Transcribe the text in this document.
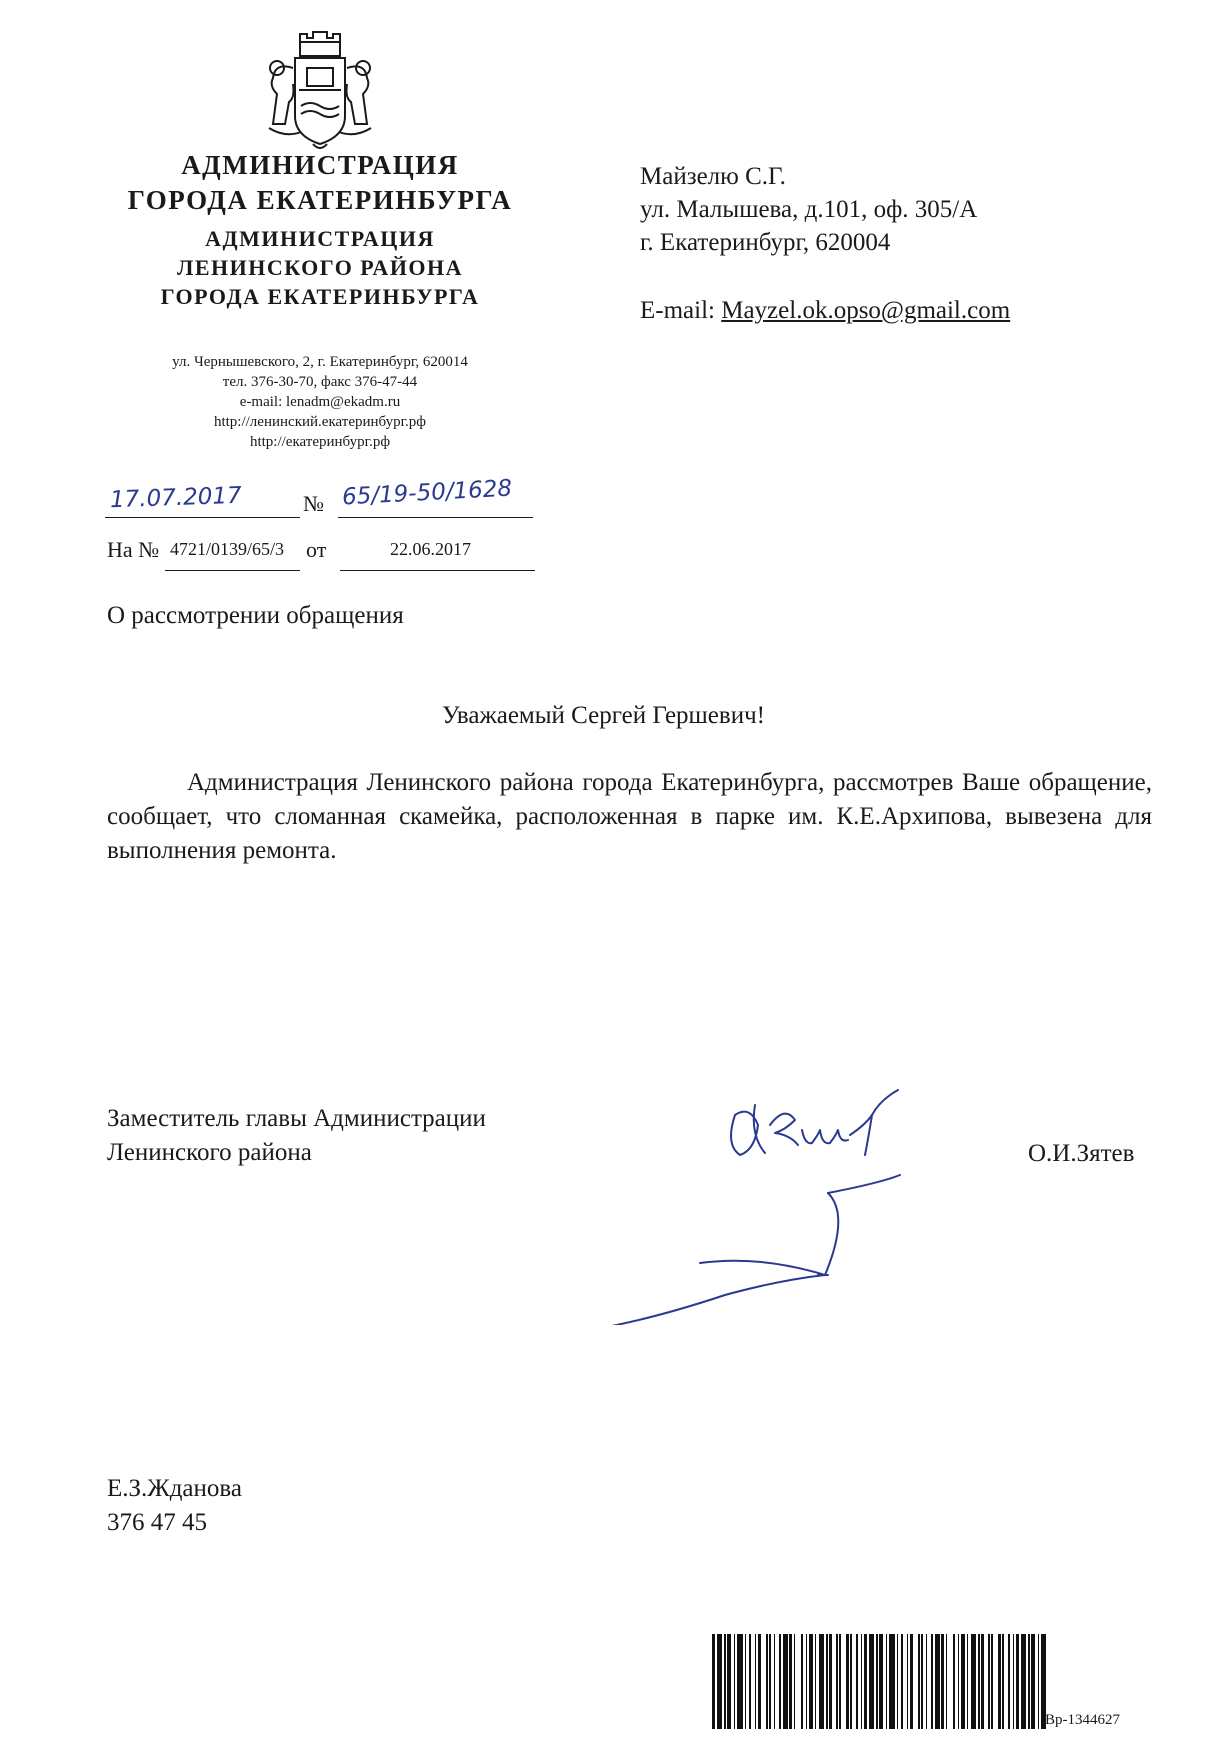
АДМИНИСТРАЦИЯ
ГОРОДА ЕКАТЕРИНБУРГА
АДМИНИСТРАЦИЯ
ЛЕНИНСКОГО РАЙОНА
ГОРОДА ЕКАТЕРИНБУРГА
ул. Чернышевского, 2, г. Екатеринбург, 620014
тел. 376-30-70, факс 376-47-44
e-mail: lenadm@ekadm.ru
http://ленинский.екатеринбург.рф
http://екатеринбург.рф
Майзелю С.Г.
ул. Малышева, д.101, оф. 305/А
г. Екатеринбург, 620004
E-mail: Mayzel.ok.opso@gmail.com
17.07.2017	№ 65/19-50/1628
На № 4721/0139/65/3 от	22.06.2017
О рассмотрении обращения
Уважаемый Сергей Гершевич!
Администрация Ленинского района города Екатеринбурга, рассмотрев Ваше обращение, сообщает, что сломанная скамейка, расположенная в парке им. К.Е.Архипова, вывезена для выполнения ремонта.
Заместитель главы Администрации
Ленинского района	О.И.Зятев
Е.З.Жданова
376 47 45
Вр-1344627
